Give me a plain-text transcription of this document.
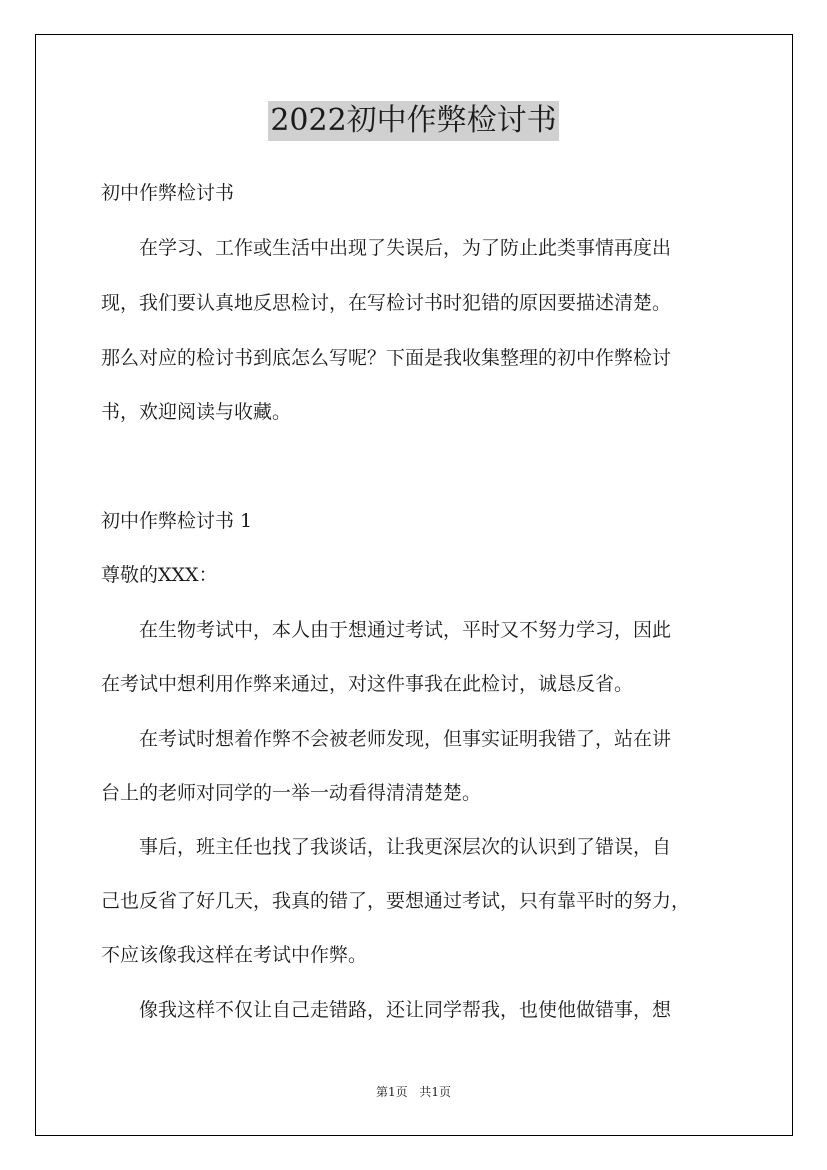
2022初中作弊检讨书
初中作弊检讨书
　　在学习、工作或生活中出现了失误后，为了防止此类事情再度出
现，我们要认真地反思检讨，在写检讨书时犯错的原因要描述清楚。
那么对应的检讨书到底怎么写呢？下面是我收集整理的初中作弊检讨
书，欢迎阅读与收藏。
初中作弊检讨书 1
尊敬的XXX：
　　在生物考试中，本人由于想通过考试，平时又不努力学习，因此
在考试中想利用作弊来通过，对这件事我在此检讨，诚恳反省。
　　在考试时想着作弊不会被老师发现，但事实证明我错了，站在讲
台上的老师对同学的一举一动看得清清楚楚。
　　事后，班主任也找了我谈话，让我更深层次的认识到了错误，自
己也反省了好几天，我真的错了，要想通过考试，只有靠平时的努力，
不应该像我这样在考试中作弊。
　　像我这样不仅让自己走错路，还让同学帮我，也使他做错事，想
第1页 共1页
